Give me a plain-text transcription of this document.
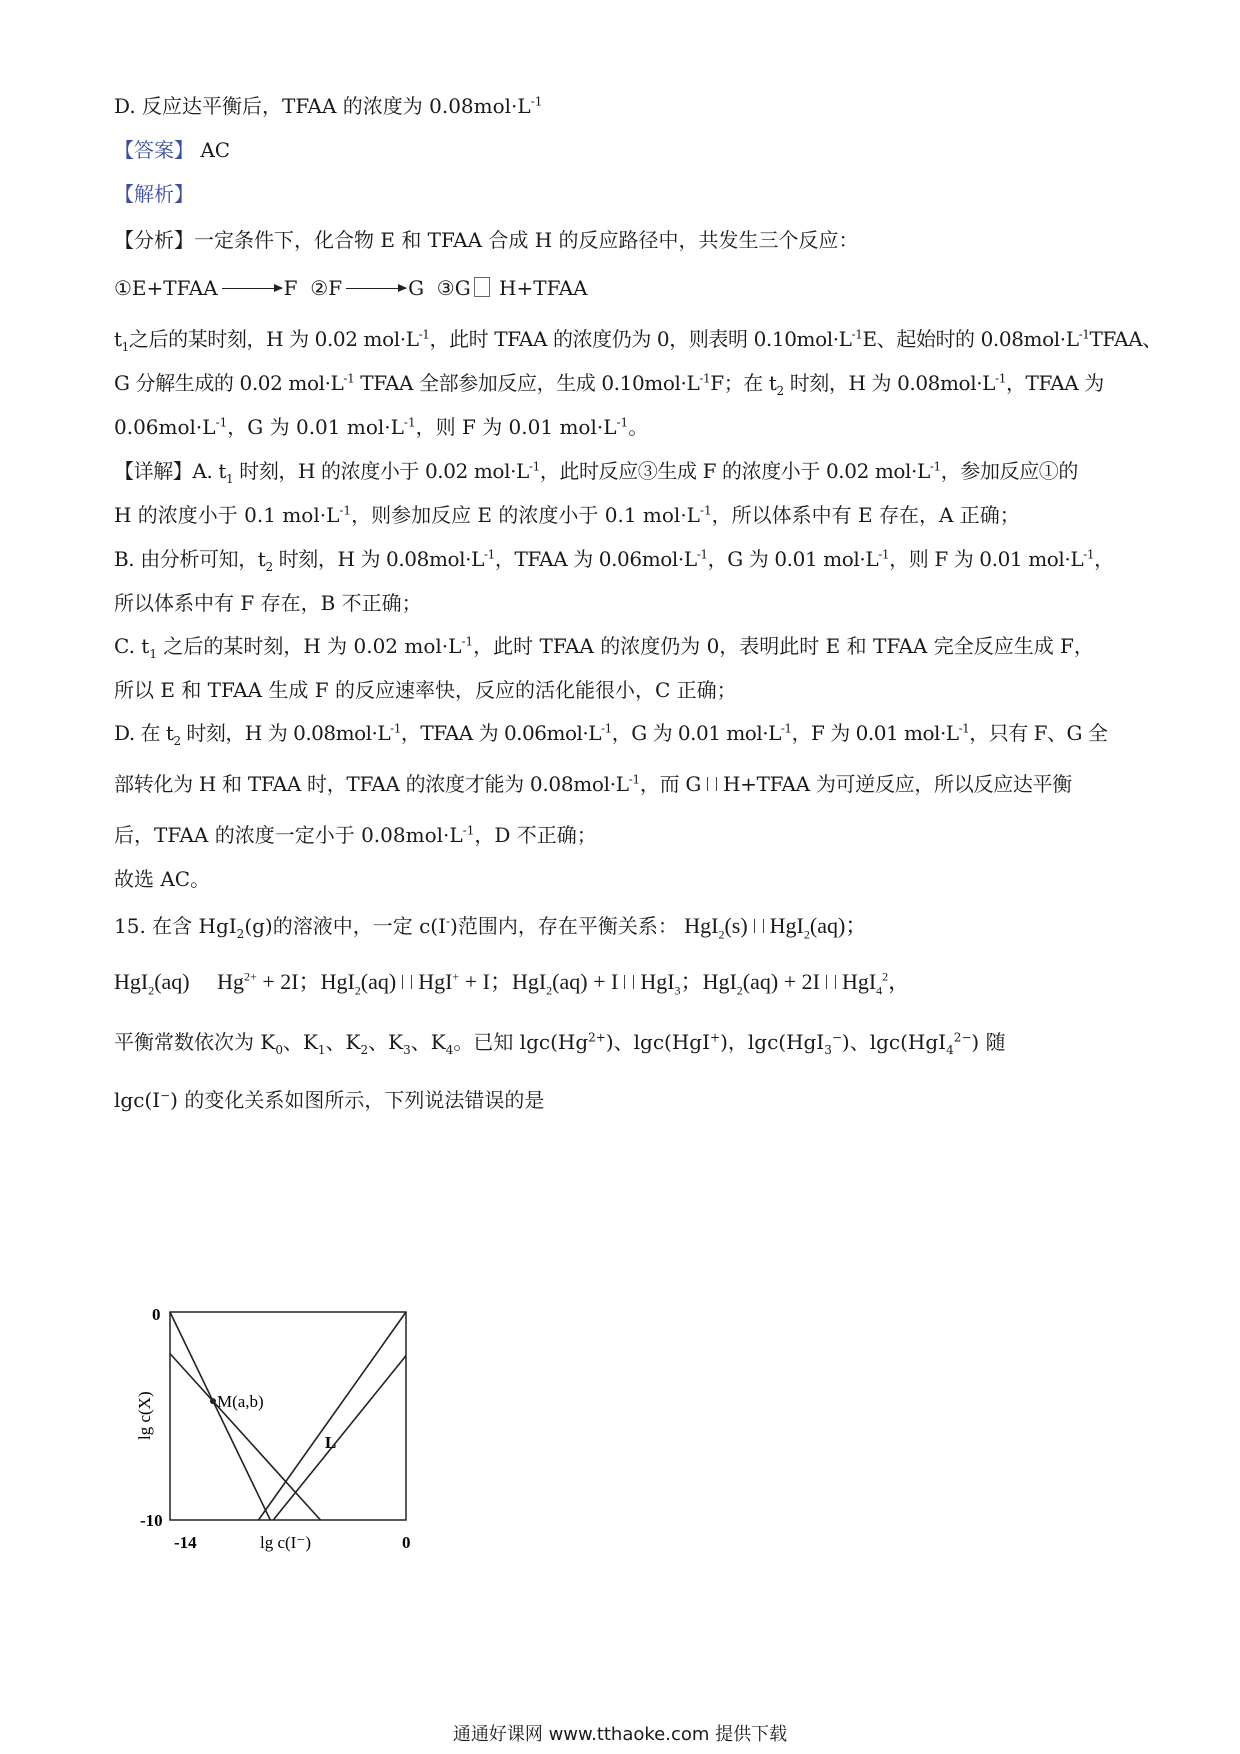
D. 反应达平衡后，TFAA 的浓度为 $0.08mol\cdot L^{-1}$
【答案】 AC
【解析】
【分析】一定条件下，化合物 E 和 TFAA 合成 H 的反应路径中，共发生三个反应：
①E+TFAA	F ②F	G ③G H+TFAA
$t_1$之后的某时刻，H 为 0.02 $mol\cdot L^{-1}$，此时 TFAA 的浓度仍为 0，则表明 $0.10mol\cdot L^{-1}E$、起始时的 $0.08mol\cdot L^{-1}TFAA$、
G 分解生成的 0.02 $mol\cdot L^{-1}$ TFAA 全部参加反应，生成 $0.10mol\cdot L^{-1}F$；在 $t_2$ 时刻，H 为 $0.08mol\cdot L^{-1}$，TFAA 为
$0.06mol\cdot L^{-1}$，G 为 0.01 $mol\cdot L^{-1}$，则 F 为 0.01 $mol\cdot L^{-1}$。
【详解】A. $t_1$ 时刻，H 的浓度小于 0.02 $mol\cdot L^{-1}$，此时反应③生成 F 的浓度小于 0.02 $mol\cdot L^{-1}$，参加反应①的
H 的浓度小于 0.1 $mol\cdot L^{-1}$，则参加反应 E 的浓度小于 0.1 $mol\cdot L^{-1}$，所以体系中有 E 存在，A 正确；
B. 由分析可知，$t_2$ 时刻，H 为 $0.08mol\cdot L^{-1}$，TFAA 为 $0.06mol\cdot L^{-1}$，G 为 0.01 $mol\cdot L^{-1}$，则 F 为 0.01 $mol\cdot L^{-1}$，
所以体系中有 F 存在，B 不正确；
C. $t_1$ 之后的某时刻，H 为 0.02 $mol\cdot L^{-1}$，此时 TFAA 的浓度仍为 0，表明此时 E 和 TFAA 完全反应生成 F，
所以 E 和 TFAA 生成 F 的反应速率快，反应的活化能很小，C 正确；
D. 在 $t_2$ 时刻，H 为 $0.08mol\cdot L^{-1}$，TFAA 为 $0.06mol\cdot L^{-1}$，G 为 0.01 $mol\cdot L^{-1}$，F 为 0.01 $mol\cdot L^{-1}$，只有 F、G 全
部转化为 H 和 TFAA 时，TFAA 的浓度才能为 $0.08mol\cdot L^{-1}$，而 G H+TFAA 为可逆反应，所以反应达平衡
后，TFAA 的浓度一定小于 $0.08mol\cdot L^{-1}$，D 不正确；
故选 AC。
15. 在含 HgI$_2$(g)的溶液中，一定 c(I-)范围内，存在平衡关系： HgI$_2$(s) HgI$_2$(aq)；
HgI$_2$(aq) $Hg^{2+} + 2I$；HgI$_2$(aq) HgI+ + I；HgI$_2$(aq) + I HgI$_3$；HgI$_2$(aq) + 2I HgI$_4^2$，
平衡常数依次为 $K_0$、$K_1$、$K_2$、$K_3$、$K_4$。已知 $\lg c(Hg^{2+})$、lgc(HgI+)，lgc(HgI$_3$−)、lgc(HgI$_4^{2-}$) 随
lgc(I−) 的变化关系如图所示，下列说法错误的是
M(a,b)
L
0
-10
-14	0
lg c(I⁻)
lg c(X)
通通好课网 www.tthaoke.com 提供下载
